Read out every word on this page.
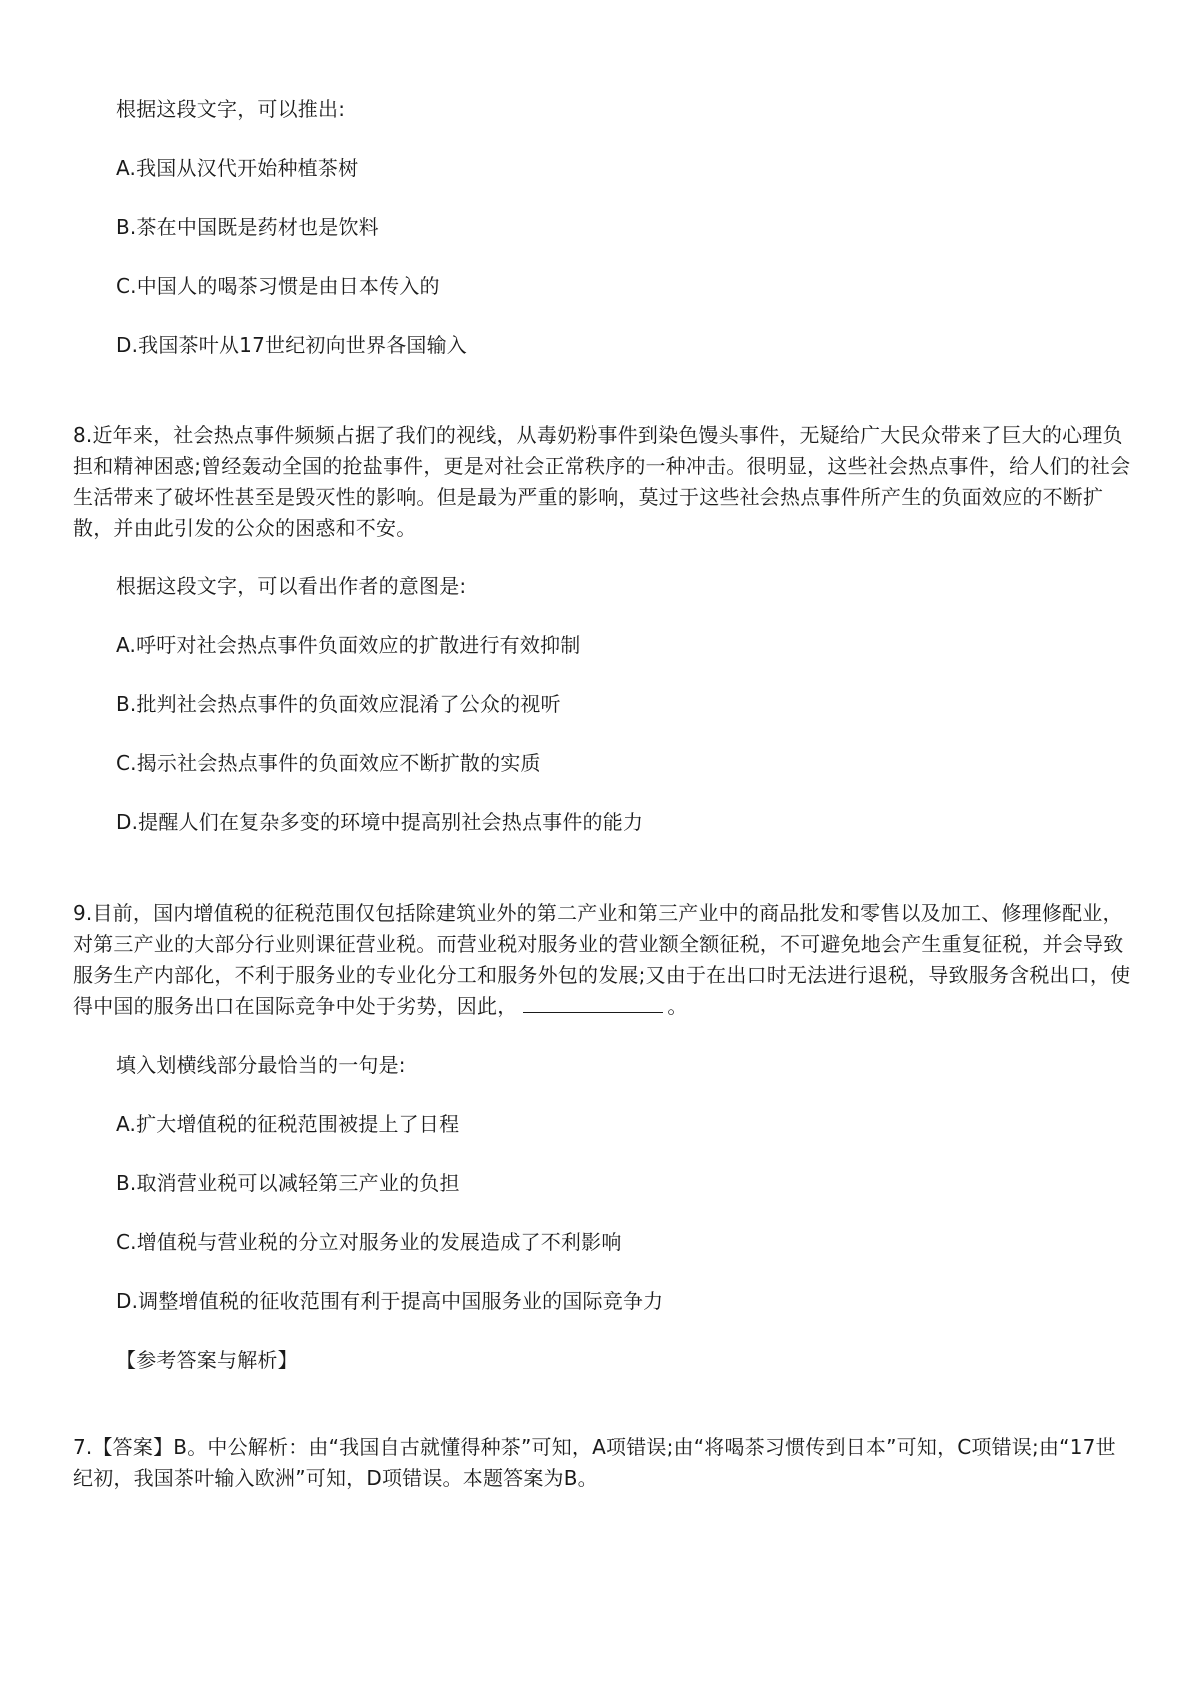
根据这段文字，可以推出:
A.我国从汉代开始种植茶树
B.茶在中国既是药材也是饮料
C.中国人的喝茶习惯是由日本传入的
D.我国茶叶从17世纪初向世界各国输入
8.近年来，社会热点事件频频占据了我们的视线，从毒奶粉事件到染色馒头事件，无疑给广大民众带来了巨大的心理负担和精神困惑;曾经轰动全国的抢盐事件，更是对社会正常秩序的一种冲击。很明显，这些社会热点事件，给人们的社会生活带来了破坏性甚至是毁灭性的影响。但是最为严重的影响，莫过于这些社会热点事件所产生的负面效应的不断扩散，并由此引发的公众的困惑和不安。
根据这段文字，可以看出作者的意图是:
A.呼吁对社会热点事件负面效应的扩散进行有效抑制
B.批判社会热点事件的负面效应混淆了公众的视听
C.揭示社会热点事件的负面效应不断扩散的实质
D.提醒人们在复杂多变的环境中提高别社会热点事件的能力
9.目前，国内增值税的征税范围仅包括除建筑业外的第二产业和第三产业中的商品批发和零售以及加工、修理修配业，对第三产业的大部分行业则课征营业税。而营业税对服务业的营业额全额征税，不可避免地会产生重复征税，并会导致服务生产内部化，不利于服务业的专业化分工和服务外包的发展;又由于在出口时无法进行退税，导致服务含税出口，使得中国的服务出口在国际竞争中处于劣势，因此，	。
填入划横线部分最恰当的一句是:
A.扩大增值税的征税范围被提上了日程
B.取消营业税可以减轻第三产业的负担
C.增值税与营业税的分立对服务业的发展造成了不利影响
D.调整增值税的征收范围有利于提高中国服务业的国际竞争力
【参考答案与解析】
7.【答案】B。中公解析：由“我国自古就懂得种茶”可知，A项错误;由“将喝茶习惯传到日本”可知，C项错误;由“17世纪初，我国茶叶输入欧洲”可知，D项错误。本题答案为B。
